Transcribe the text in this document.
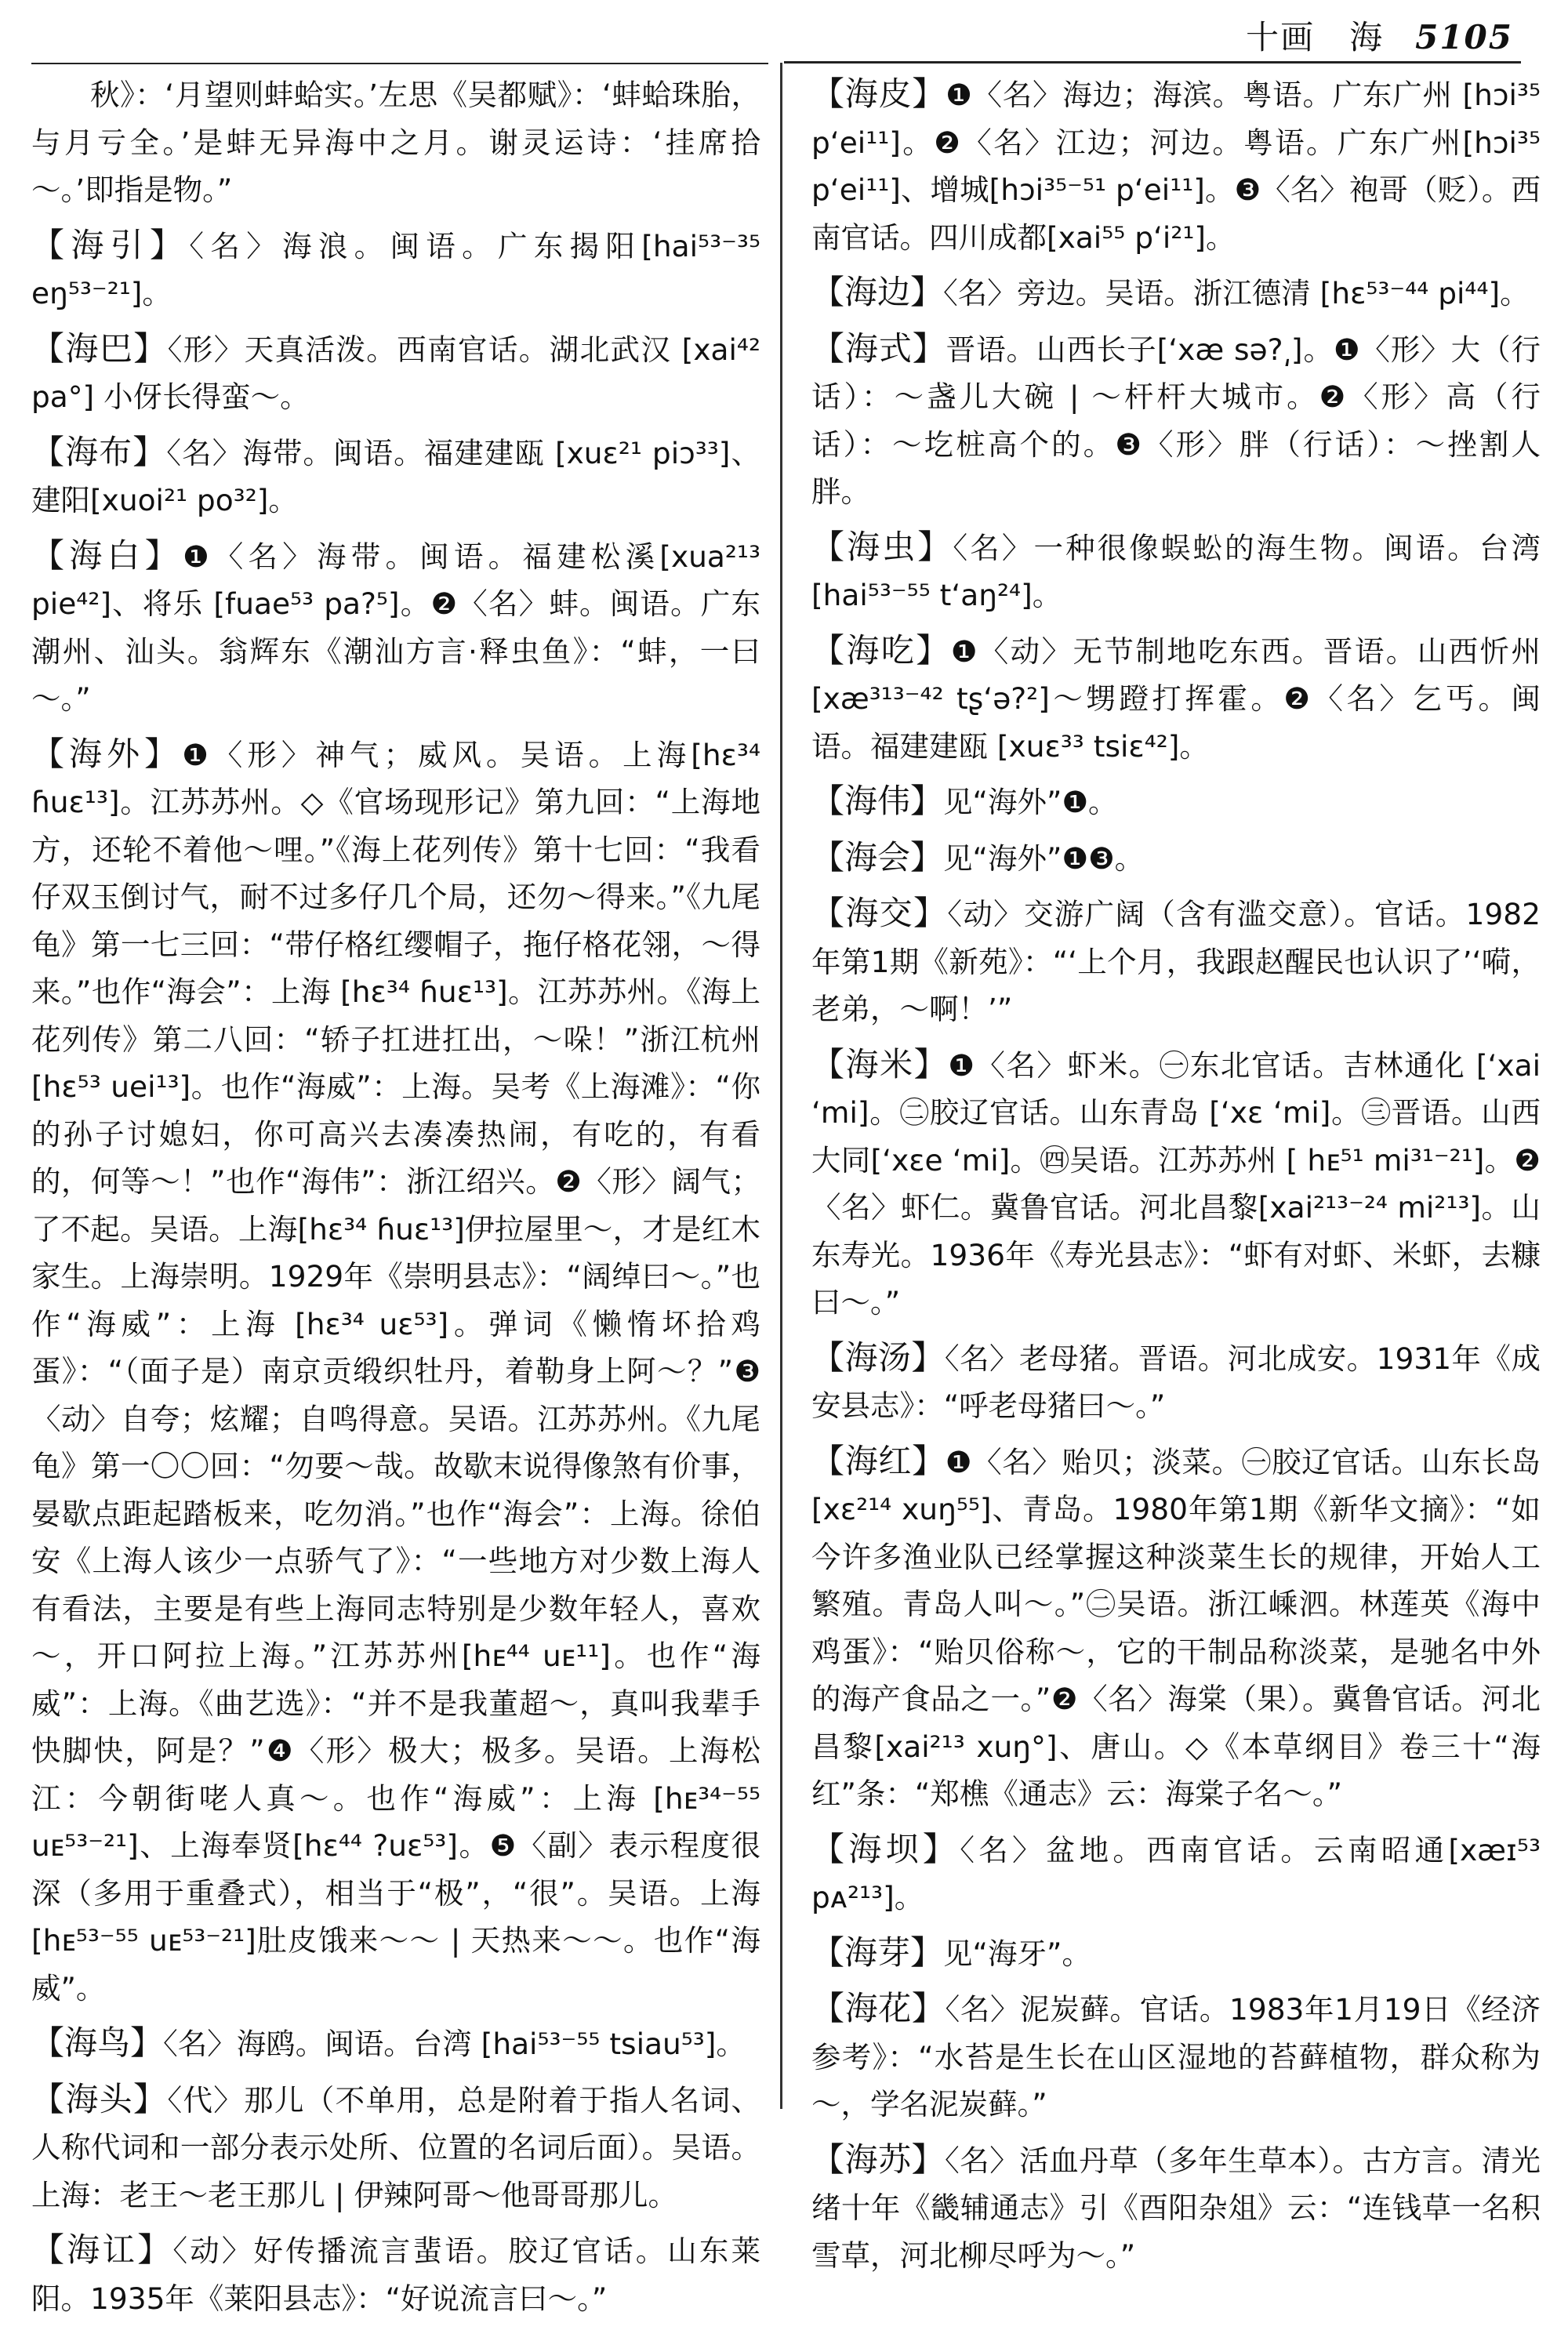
十画　海 5105

秋》：‘月望则蚌蛤实。’左思《吴都赋》：‘蚌蛤珠胎，与月亏全。’是蚌无异海中之月。谢灵运诗：‘挂席拾～。’即指是物。”

【海引】〈名〉海浪。闽语。广东揭阳[hai⁵³⁻³⁵ eŋ⁵³⁻²¹]。

【海巴】〈形〉天真活泼。西南官话。湖北武汉 [xai⁴² pa°] 小伢长得蛮～。

【海布】〈名〉海带。闽语。福建建瓯 [xuɛ²¹ piɔ³³]、建阳[xuoi²¹ po³²]。

【海白】❶〈名〉海带。闽语。福建松溪[xua²¹³ pie⁴²]、将乐 [fuae⁵³ pa?⁵]。❷〈名〉蚌。闽语。广东潮州、汕头。翁辉东《潮汕方言·释虫鱼》：“蚌，一曰～。”

【海外】❶〈形〉神气；威风。吴语。上海[hɛ³⁴ ɦuɛ¹³]。江苏苏州。◇《官场现形记》第九回：“上海地方，还轮不着他～哩。”《海上花列传》第十七回：“我看仔双玉倒讨气，耐不过多仔几个局，还勿～得来。”《九尾龟》第一七三回：“带仔格红缨帽子，拖仔格花翎，～得来。”也作“海会”：上海 [hɛ³⁴ ɦuɛ¹³]。江苏苏州。《海上花列传》第二八回：“轿子扛进扛出，～哚！”浙江杭州[hɛ⁵³ uei¹³]。也作“海威”：上海。吴考《上海滩》：“你的孙子讨媳妇，你可高兴去凑凑热闹，有吃的，有看的，何等～！”也作“海伟”：浙江绍兴。❷〈形〉阔气；了不起。吴语。上海[hɛ³⁴ ɦuɛ¹³]伊拉屋里～，才是红木家生。上海崇明。1929年《崇明县志》：“阔绰曰～。”也作“海威”：上海 [hɛ³⁴ uɛ⁵³]。弹词《懒惰坏拾鸡蛋》：“（面子是）南京贡缎织牡丹，着勒身上阿～？”❸〈动〉自夸；炫耀；自鸣得意。吴语。江苏苏州。《九尾龟》第一〇〇回：“勿要～哉。故歇末说得像煞有价事，晏歇点距起踏板来，吃勿消。”也作“海会”：上海。徐伯安《上海人该少一点骄气了》：“一些地方对少数上海人有看法，主要是有些上海同志特别是少数年轻人，喜欢～，开口阿拉上海。”江苏苏州[hᴇ⁴⁴ uᴇ¹¹]。也作“海威”：上海。《曲艺选》：“并不是我董超～，真叫我辈手快脚快，阿是？”❹〈形〉极大；极多。吴语。上海松江：今朝街咾人真～。也作“海威”：上海 [hᴇ³⁴⁻⁵⁵ uᴇ⁵³⁻²¹]、上海奉贤[hɛ⁴⁴ ?uɛ⁵³]。❺〈副〉表示程度很深（多用于重叠式），相当于“极”，“很”。吴语。上海[hᴇ⁵³⁻⁵⁵ uᴇ⁵³⁻²¹]肚皮饿来～～ | 天热来～～。也作“海威”。

【海鸟】〈名〉海鸥。闽语。台湾 [hai⁵³⁻⁵⁵ tsiau⁵³]。

【海头】〈代〉那儿（不单用，总是附着于指人名词、人称代词和一部分表示处所、位置的名词后面）。吴语。上海：老王～老王那儿 | 伊辣阿哥～他哥哥那儿。

【海讧】〈动〉好传播流言蜚语。胶辽官话。山东莱阳。1935年《莱阳县志》：“好说流言曰～。”

【海皮】❶〈名〉海边；海滨。粤语。广东广州 [hɔi³⁵ p‘ei¹¹]。❷〈名〉江边；河边。粤语。广东广州[hɔi³⁵ p‘ei¹¹]、增城[hɔi³⁵⁻⁵¹ p‘ei¹¹]。❸〈名〉袍哥（贬）。西南官话。四川成都[xai⁵⁵ p‘i²¹]。

【海边】〈名〉旁边。吴语。浙江德清 [hɛ⁵³⁻⁴⁴ pi⁴⁴]。

【海式】晋语。山西长子[‘xæ sə?͵]。❶〈形〉大（行话）：～盏儿大碗 | ～杆杆大城市。❷〈形〉高（行话）：～圪桩高个的。❸〈形〉胖（行话）：～挫割人胖。

【海虫】〈名〉一种很像蜈蚣的海生物。闽语。台湾 [hai⁵³⁻⁵⁵ t‘aŋ²⁴]。

【海吃】❶〈动〉无节制地吃东西。晋语。山西忻州 [xæ³¹³⁻⁴² tʂ‘ə?²]～甥蹬打挥霍。❷〈名〉乞丐。闽语。福建建瓯 [xuɛ³³ tsiɛ⁴²]。

【海伟】见“海外”❶。

【海会】见“海外”❶❸。

【海交】〈动〉交游广阔（含有滥交意）。官话。1982年第1期《新苑》：“‘上个月，我跟赵醒民也认识了’‘嗬，老弟，～啊！’”

【海米】❶〈名〉虾米。㊀东北官话。吉林通化 [‘xai ‘mi]。㊁胶辽官话。山东青岛 [‘xɛ ‘mi]。㊂晋语。山西大同[‘xɛe ‘mi]。㊃吴语。江苏苏州 [ hᴇ⁵¹ mi³¹⁻²¹]。❷〈名〉虾仁。冀鲁官话。河北昌黎[xai²¹³⁻²⁴ mi²¹³]。山东寿光。1936年《寿光县志》：“虾有对虾、米虾，去糠曰～。”

【海汤】〈名〉老母猪。晋语。河北成安。1931年《成安县志》：“呼老母猪曰～。”

【海红】❶〈名〉贻贝；淡菜。㊀胶辽官话。山东长岛 [xɛ²¹⁴ xuŋ⁵⁵]、青岛。1980年第1期《新华文摘》：“如今许多渔业队已经掌握这种淡菜生长的规律，开始人工繁殖。青岛人叫～。”㊁吴语。浙江嵊泗。林莲英《海中鸡蛋》：“贻贝俗称～，它的干制品称淡菜，是驰名中外的海产食品之一。”❷〈名〉海棠（果）。冀鲁官话。河北昌黎[xai²¹³ xuŋ°]、唐山。◇《本草纲目》卷三十“海红”条：“郑樵《通志》云：海棠子名～。”

【海坝】〈名〉盆地。西南官话。云南昭通[xæɪ⁵³ pᴀ²¹³]。

【海芽】见“海牙”。

【海花】〈名〉泥炭藓。官话。1983年1月19日《经济参考》：“水苔是生长在山区湿地的苔藓植物，群众称为～，学名泥炭藓。”

【海苏】〈名〉活血丹草（多年生草本）。古方言。清光绪十年《畿辅通志》引《酉阳杂俎》云：“连钱草一名积雪草，河北柳尽呼为～。”
